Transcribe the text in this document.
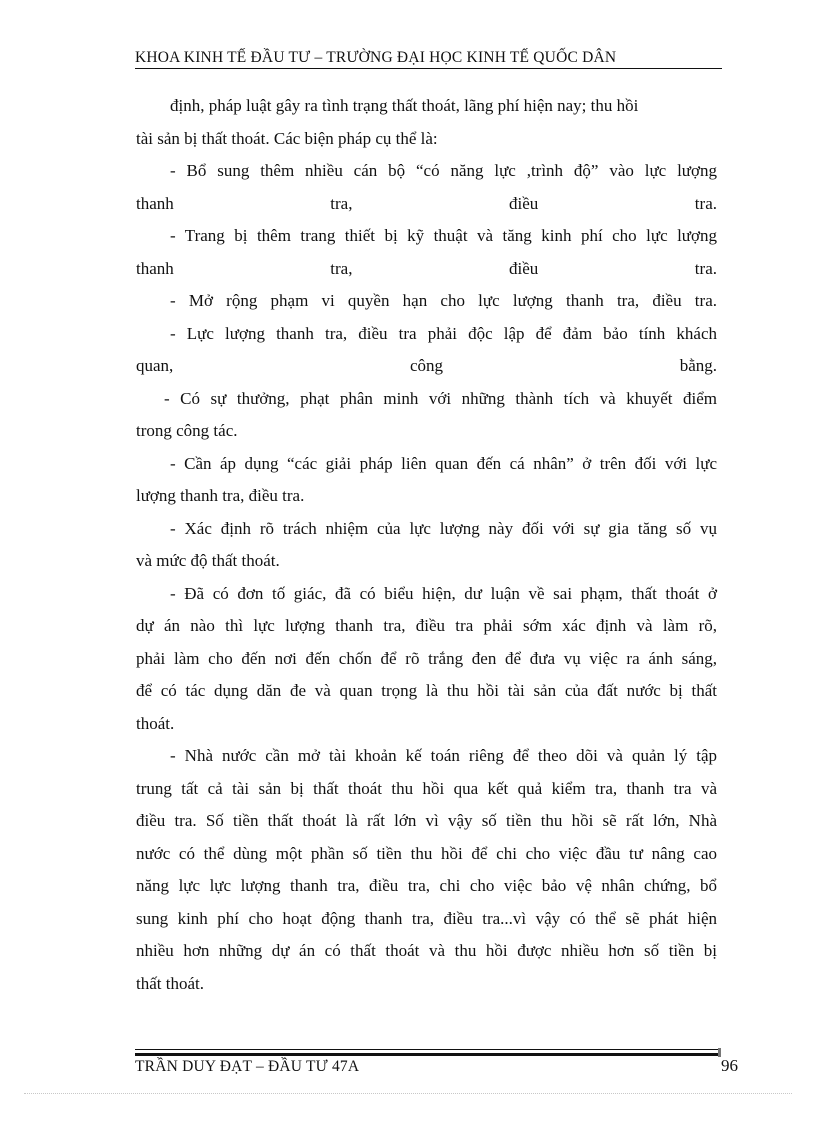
KHOA KINH TẾ ĐẦU TƯ – TRƯỜNG ĐẠI HỌC KINH TẾ QUỐC DÂN

định, pháp luật gây ra tình trạng thất thoát, lãng phí hiện nay; thu hồi
tài sản bị thất thoát. Các biện pháp cụ thể là:

- Bổ sung thêm nhiều cán bộ “có năng lực ,trình độ” vào lực lượng
thanh tra, điều tra.

- Trang bị thêm trang thiết bị kỹ thuật và tăng kinh phí cho lực lượng
thanh tra, điều tra.

- Mở rộng phạm vi quyền hạn cho lực lượng thanh tra, điều tra.

- Lực lượng thanh tra, điều tra phải độc lập để đảm bảo tính khách
quan, công bằng.

- Có sự thưởng, phạt phân minh với những thành tích và khuyết điểm
trong công tác.

- Cần áp dụng “các giải pháp liên quan đến cá nhân” ở trên đối với lực
lượng thanh tra, điều tra.

- Xác định rõ trách nhiệm của lực lượng này đối với sự gia tăng số vụ
và mức độ thất thoát.

- Đã có đơn tố giác, đã có biểu hiện, dư luận về sai phạm, thất thoát ở
dự án nào thì lực lượng thanh tra, điều tra phải sớm xác định và làm rõ,
phải làm cho đến nơi đến chốn để rõ trắng đen để đưa vụ việc ra ánh sáng,
để có tác dụng dăn đe và quan trọng là thu hồi tài sản của đất nước bị thất
thoát.

- Nhà nước cần mở tài khoản kế toán riêng để theo dõi và quản lý tập
trung tất cả tài sản bị thất thoát thu hồi qua kết quả kiểm tra, thanh tra và
điều tra. Số tiền thất thoát là rất lớn vì vậy số tiền thu hồi sẽ rất lớn, Nhà
nước có thể dùng một phần số tiền thu hồi để chi cho việc đầu tư nâng cao
năng lực lực lượng thanh tra, điều tra, chi cho việc bảo vệ nhân chứng, bổ
sung kinh phí cho hoạt động thanh tra, điều tra...vì vậy có thể sẽ phát hiện
nhiều hơn những dự án có thất thoát và thu hồi được nhiều hơn số tiền bị
thất thoát.

TRẦN DUY ĐẠT – ĐẦU TƯ 47A	96
